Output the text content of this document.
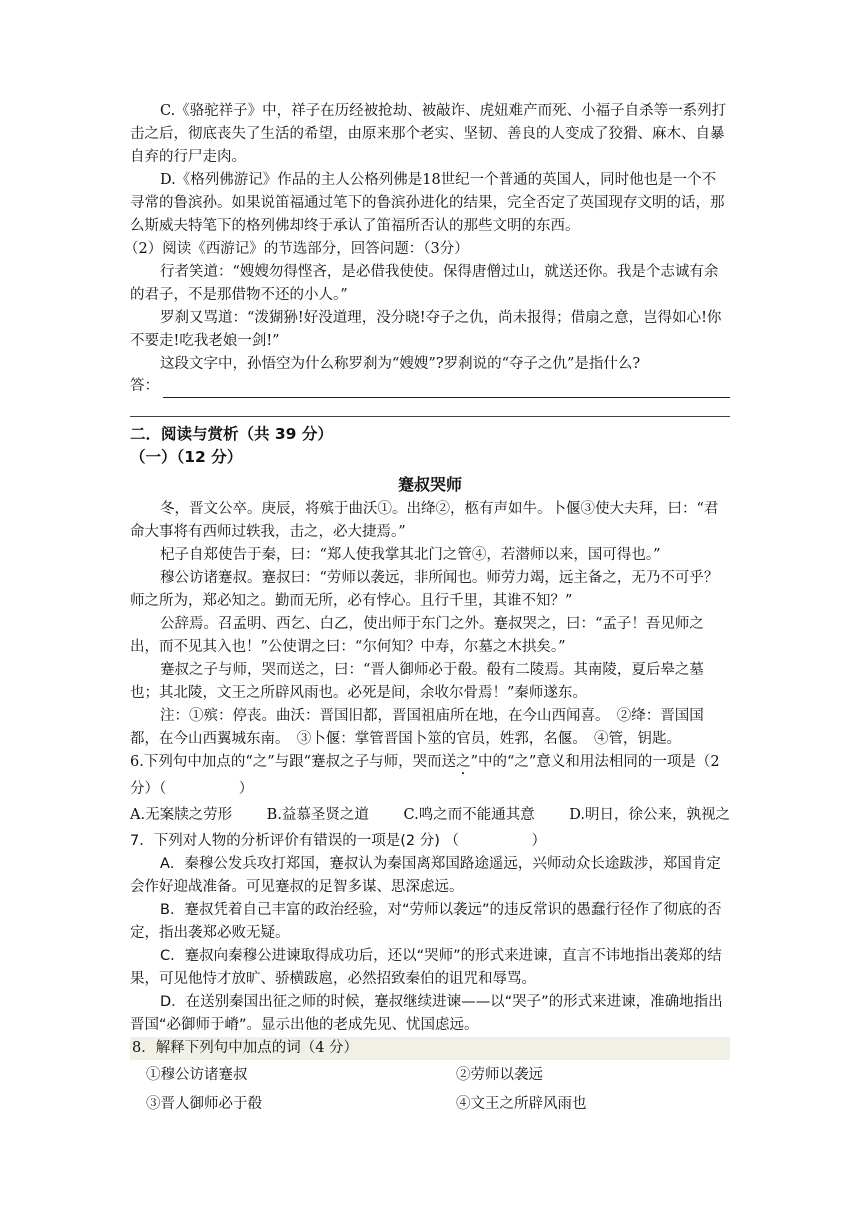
C.《骆驼祥子》中，祥子在历经被抢劫、被敲诈、虎妞难产而死、小福子自杀等一系列打击之后，彻底丧失了生活的希望，由原来那个老实、坚韧、善良的人变成了狡猾、麻木、自暴自弃的行尸走肉。

D.《格列佛游记》作品的主人公格列佛是18世纪一个普通的英国人，同时他也是一个不寻常的鲁滨孙。如果说笛福通过笔下的鲁滨孙进化的结果，完全否定了英国现存文明的话，那么斯威夫特笔下的格列佛却终于承认了笛福所否认的那些文明的东西。

（2）阅读《西游记》的节选部分，回答问题：（3分）

行者笑道：“嫂嫂勿得悭吝，是必借我使使。保得唐僧过山，就送还你。我是个志诚有余的君子，不是那借物不还的小人。”

罗刹又骂道：“泼猢狲!好没道理，没分晓!夺子之仇，尚未报得；借扇之意，岂得如心!你不要走!吃我老娘一剑!”

这段文字中，孙悟空为什么称罗刹为“嫂嫂”?罗刹说的“夺子之仇”是指什么?

答：

二．阅读与赏析（共 39 分）

（一）（12 分）

蹇叔哭师

冬，晋文公卒。庚辰，将殡于曲沃①。出绛②，柩有声如牛。卜偃③使大夫拜，曰：“君命大事将有西师过轶我，击之，必大捷焉。”

杞子自郑使告于秦，曰：“郑人使我掌其北门之管④，若潜师以来，国可得也。”

穆公访诸蹇叔。蹇叔曰：“劳师以袭远，非所闻也。师劳力竭，远主备之，无乃不可乎？师之所为，郑必知之。勤而无所，必有悖心。且行千里，其谁不知？”

公辞焉。召孟明、西乞、白乙，使出师于东门之外。蹇叔哭之，曰：“孟子！吾见师之出，而不见其入也！”公使谓之曰：“尔何知？中寿，尔墓之木拱矣。”

蹇叔之子与师，哭而送之，曰：“晋人御师必于殽。殽有二陵焉。其南陵，夏后皋之墓也；其北陵，文王之所辟风雨也。必死是间，余收尔骨焉！”秦师遂东。

注：①殡：停丧。曲沃：晋国旧都，晋国祖庙所在地，在今山西闻喜。　②绛：晋国国都，在今山西翼城东南。　③卜偃：掌管晋国卜筮的官员，姓郛，名偃。　④管，钥匙。

6.下列句中加点的“之”与跟“蹇叔之子与师，哭而送之”中的“之”意义和用法相同的一项是（2 分）（　　　　　）

A.无案牍之劳形 B.益慕圣贤之道 C.鸣之而不能通其意 D.明日，徐公来，孰视之

7．下列对人物的分析评价有错误的一项是(2 分) （　　　　　）

A．秦穆公发兵攻打郑国，蹇叔认为秦国离郑国路途遥远，兴师动众长途跋涉，郑国肯定会作好迎战准备。可见蹇叔的足智多谋、思深虑远。

B．蹇叔凭着自己丰富的政治经验，对“劳师以袭远”的违反常识的愚蠢行径作了彻底的否定，指出袭郑必败无疑。

C．蹇叔向秦穆公进谏取得成功后，还以“哭师”的形式来进谏，直言不讳地指出袭郑的结果，可见他恃才放旷、骄横跋扈，必然招致秦伯的诅咒和辱骂。

D．在送别秦国出征之师的时候，蹇叔继续进谏——以“哭子”的形式来进谏，准确地指出晋国“必御师于嵴”。显示出他的老成先见、忧国虑远。

8．解释下列句中加点的词（4 分）

①穆公访诸蹇叔	②劳师以袭远
③晋人御师必于殽	④文王之所辟风雨也
